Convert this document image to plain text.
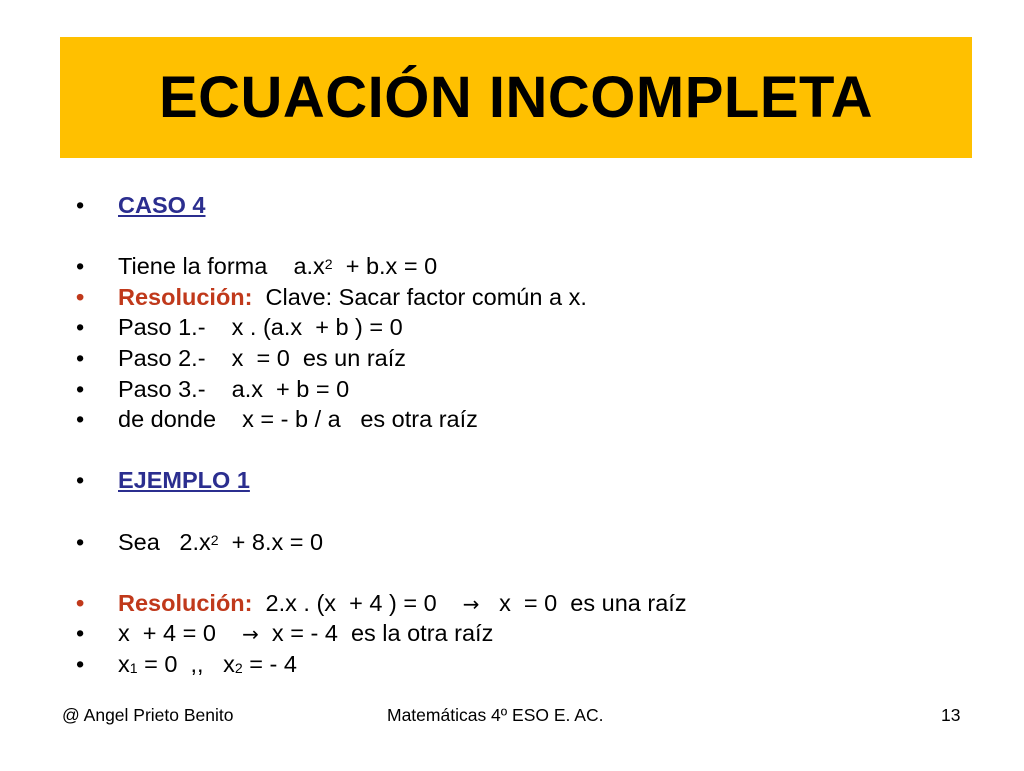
ECUACIÓN INCOMPLETA

•

CASO 4

•

Tiene la forma    $a.x^2 + b.x = 0$

•

Resolución:  Clave: Sacar factor común a x.

•

Paso 1.-    x . (a.x  + b ) = 0

•

Paso 2.-    x  = 0  es un raíz

•

Paso 3.-    a.x  + b = 0

•

de donde    x = - b / a   es otra raíz

•

EJEMPLO 1

•

Sea   $2.x^2 + 8.x = 0$

•

Resolución:  2.x . (x  + 4 ) = 0    →   x  = 0  es una raíz

•

x  + 4 = 0    →  x = - 4  es la otra raíz

•

$x_1 = 0$  ,,   $x_2$ = - 4

@ Angel Prieto Benito	Matemáticas 4º ESO E. AC.	13
